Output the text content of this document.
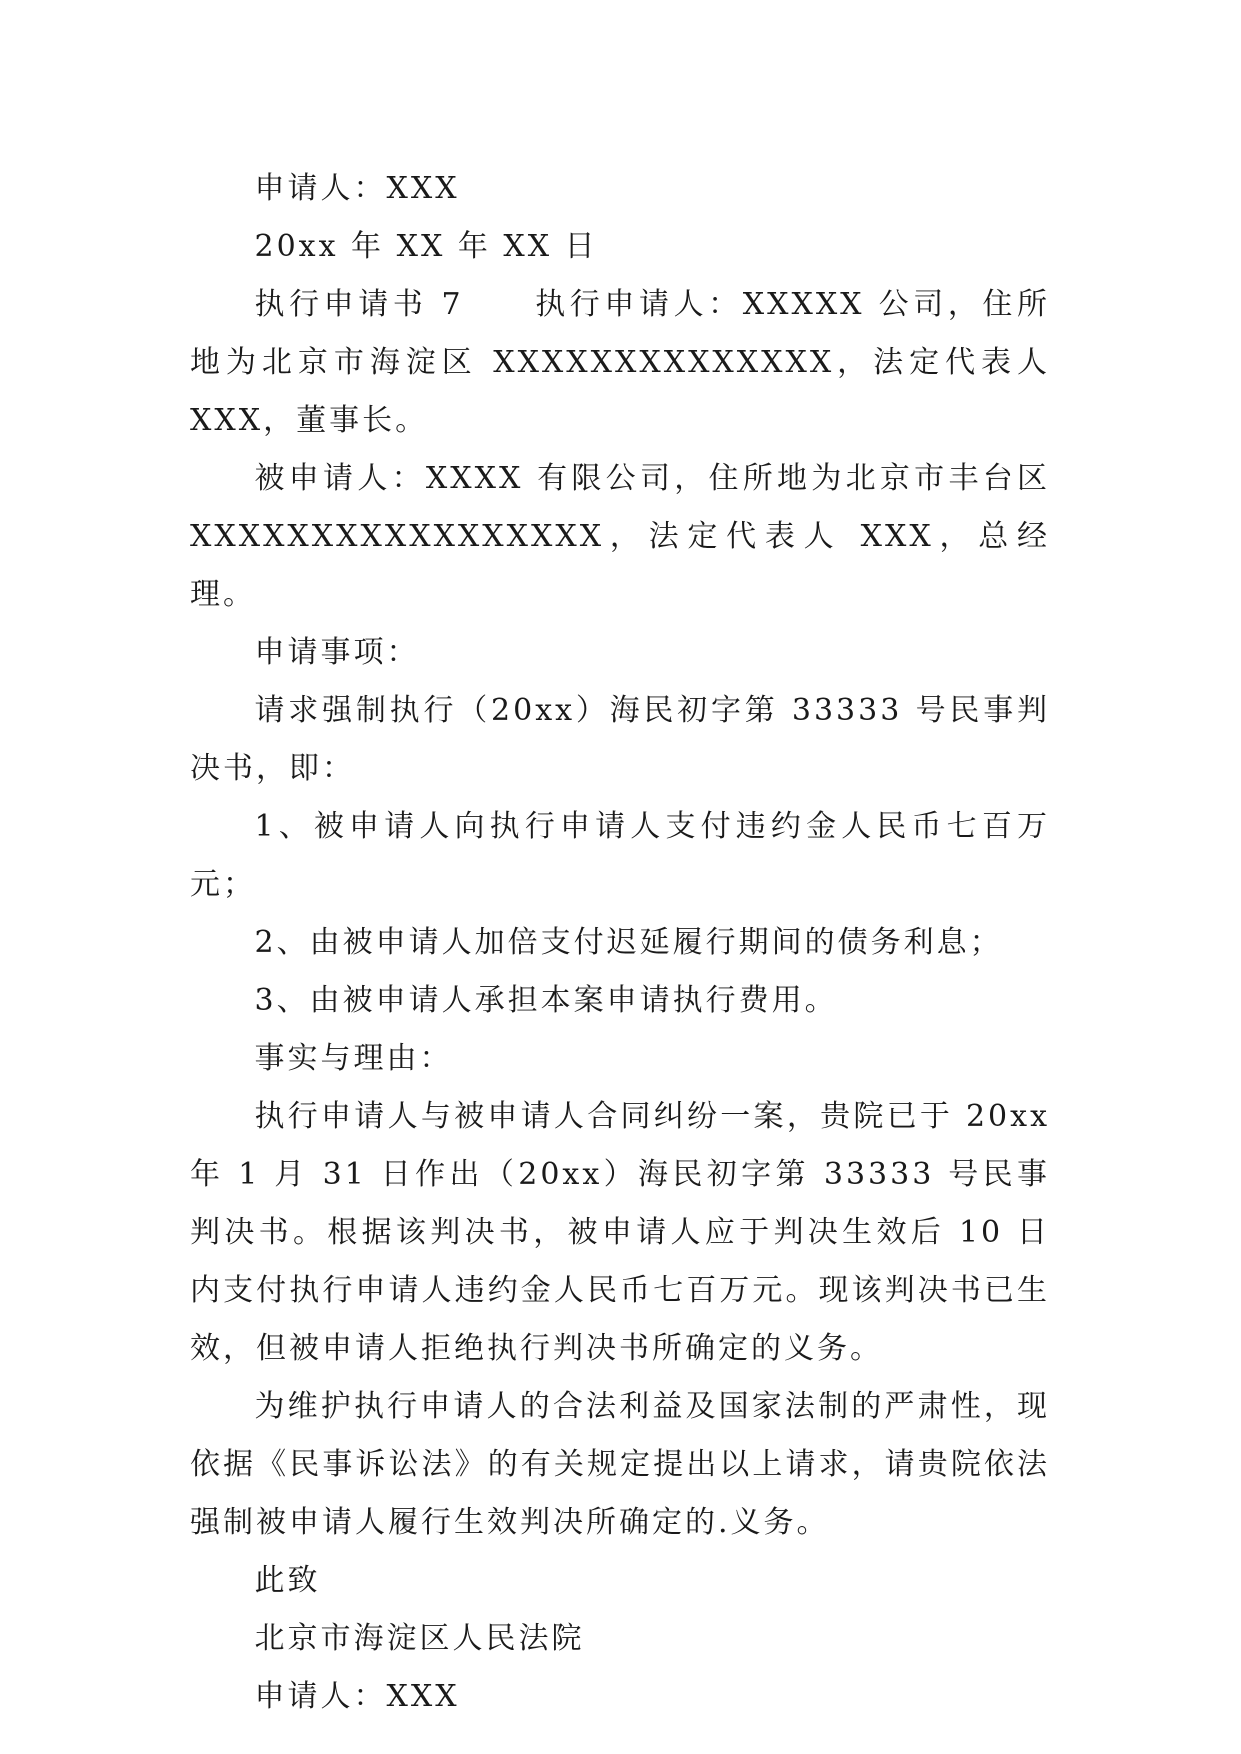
申请人：XXX

20xx 年 XX 年 XX 日

执行申请书 7 执行申请人：XXXXX 公司，住所地为北京市海淀区 XXXXXXXXXXXXXX，法定代表人 XXX，董事长。

被申请人：XXXX 有限公司，住所地为北京市丰台区 XXXXXXXXXXXXXXXXX，法定代表人 XXX，总经理。

申请事项：

请求强制执行（20xx）海民初字第 33333 号民事判决书，即：

1、被申请人向执行申请人支付违约金人民币七百万元；

2、由被申请人加倍支付迟延履行期间的债务利息；

3、由被申请人承担本案申请执行费用。

事实与理由：

执行申请人与被申请人合同纠纷一案，贵院已于 20xx 年 1 月 31 日作出（20xx）海民初字第 33333 号民事判决书。根据该判决书，被申请人应于判决生效后 10 日内支付执行申请人违约金人民币七百万元。现该判决书已生效，但被申请人拒绝执行判决书所确定的义务。

为维护执行申请人的合法利益及国家法制的严肃性，现依据《民事诉讼法》的有关规定提出以上请求，请贵院依法强制被申请人履行生效判决所确定的.义务。

此致

北京市海淀区人民法院

申请人：XXX
